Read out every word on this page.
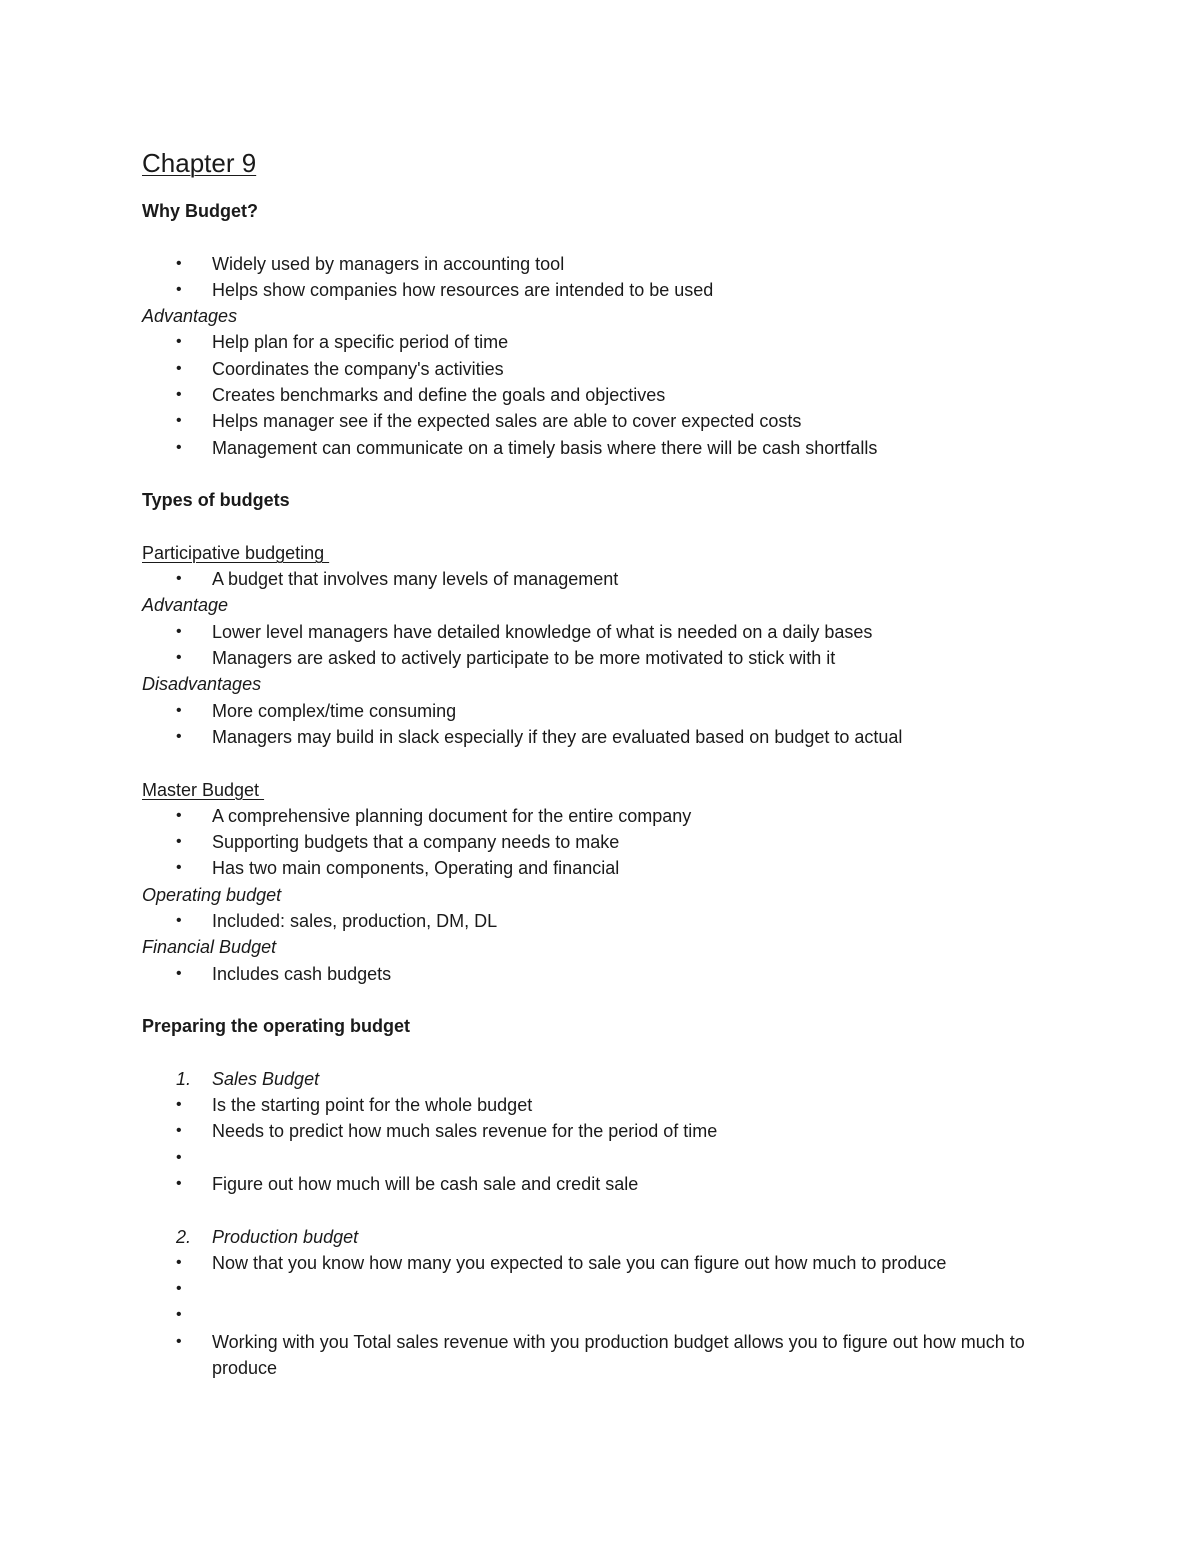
Chapter 9
Why Budget?
• Widely used by managers in accounting tool
• Helps show companies how resources are intended to be used
Advantages
• Help plan for a specific period of time
• Coordinates the company's activities
• Creates benchmarks and define the goals and objectives
• Helps manager see if the expected sales are able to cover expected costs
• Management can communicate on a timely basis where there will be cash shortfalls
Types of budgets
Participative budgeting
• A budget that involves many levels of management
Advantage
• Lower level managers have detailed knowledge of what is needed on a daily bases
• Managers are asked to actively participate to be more motivated to stick with it
Disadvantages
• More complex/time consuming
• Managers may build in slack especially if they are evaluated based on budget to actual
Master Budget
• A comprehensive planning document for the entire company
• Supporting budgets that a company needs to make
• Has two main components, Operating and financial
Operating budget
• Included: sales, production, DM, DL
Financial Budget
• Includes cash budgets
Preparing the operating budget
1. Sales Budget
• Is the starting point for the whole budget
• Needs to predict how much sales revenue for the period of time
•

• Figure out how much will be cash sale and credit sale
2. Production budget
• Now that you know how many you expected to sale you can figure out how much to produce
•

•

• Working with you Total sales revenue with you production budget allows you to figure out how much to produce
